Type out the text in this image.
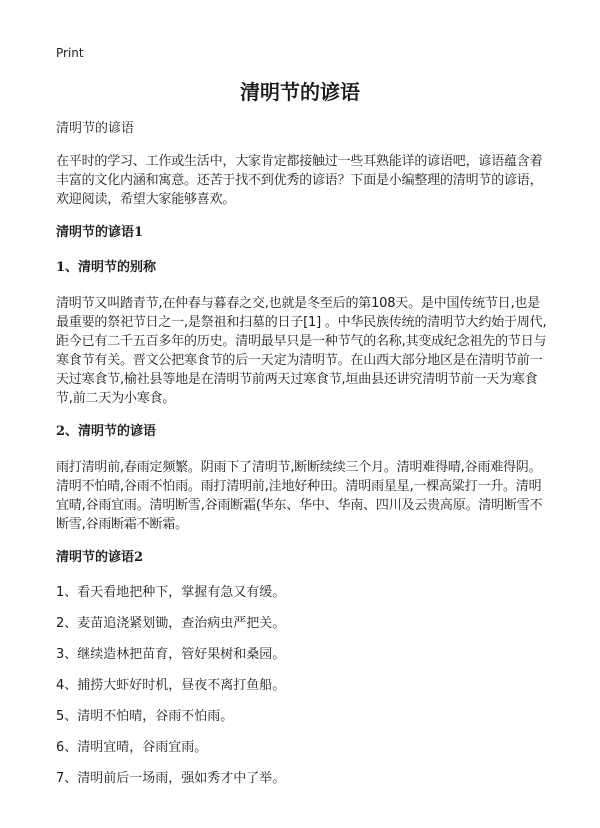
Print
清明节的谚语

清明节的谚语

在平时的学习、工作或生活中，大家肯定都接触过一些耳熟能详的谚语吧，谚语蕴含着丰富的文化内涵和寓意。还苦于找不到优秀的谚语？下面是小编整理的清明节的谚语，欢迎阅读，希望大家能够喜欢。

清明节的谚语1
1、清明节的别称

清明节又叫踏青节,在仲春与暮春之交,也就是冬至后的第108天。是中国传统节日,也是最重要的祭祀节日之一,是祭祖和扫墓的日子[1] 。中华民族传统的清明节大约始于周代,距今已有二千五百多年的历史。清明最早只是一种节气的名称,其变成纪念祖先的节日与寒食节有关。晋文公把寒食节的后一天定为清明节。在山西大部分地区是在清明节前一天过寒食节,榆社县等地是在清明节前两天过寒食节,垣曲县还讲究清明节前一天为寒食节,前二天为小寒食。

2、清明节的谚语

雨打清明前,春雨定频繁。阴雨下了清明节,断断续续三个月。清明难得晴,谷雨难得阴。清明不怕晴,谷雨不怕雨。雨打清明前,洼地好种田。清明雨星星,一棵高粱打一升。清明宜晴,谷雨宜雨。清明断雪,谷雨断霜(华东、华中、华南、四川及云贵高原。清明断雪不断雪,谷雨断霜不断霜。

清明节的谚语2

1、看天看地把种下，掌握有急又有缓。

2、麦苗追浇紧划锄，查治病虫严把关。

3、继续造林把苗育，管好果树和桑园。

4、捕捞大虾好时机，昼夜不离打鱼船。

5、清明不怕晴，谷雨不怕雨。

6、清明宜晴，谷雨宜雨。

7、清明前后一场雨，强如秀才中了举。
